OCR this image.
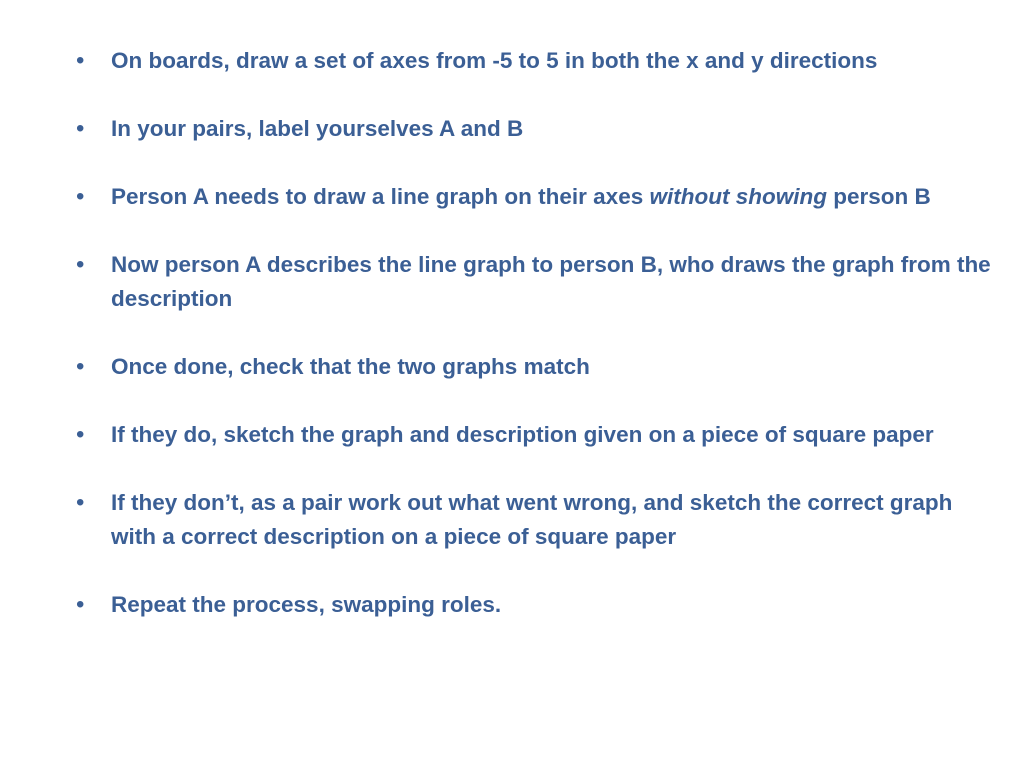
•	On boards, draw a set of axes from -5 to 5 in both the x and y directions
•	In your pairs, label yourselves A and B
•	Person A needs to draw a line graph on their axes without showing person B
•	Now person A describes the line graph to person B, who draws the graph from the description
•	Once done, check that the two graphs match
•	If they do, sketch the graph and description given on a piece of square paper
•	If they don’t, as a pair work out what went wrong, and sketch the correct graph with a correct description on a piece of square paper
•	Repeat the process, swapping roles.
